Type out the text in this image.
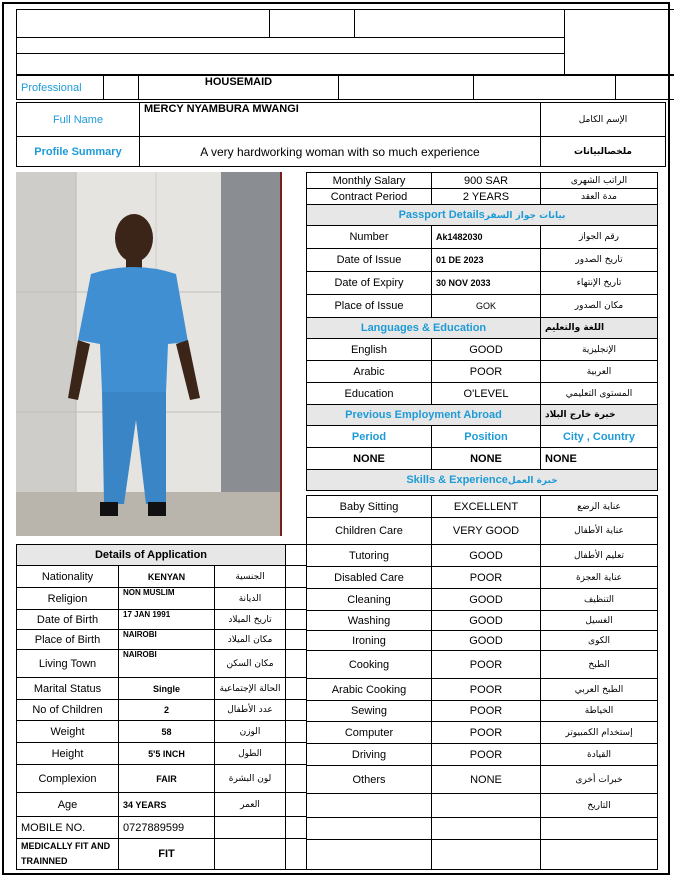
Professional		HOUSEMAID			
Full Name	MERCY NYAMBURA MWANGI	الإسم الكامل
Profile Summary	A very hardworking woman with so much experience	ملخصالبيانات
Monthly Salary	900 SAR	الراتب الشهرى
Contract Period	2 YEARS	مدة العقد
Passport Detailsبيانات جواز السفر		
Number	Ak1482030	رقم الجواز
Date of Issue	01 DE 2023	تاريخ الصدور
Date of Expiry	30 NOV 2033	تاريخ الإنتهاء
Place of Issue	GOK	مكان الصدور
Languages & Education		اللغة والتعليم
English	GOOD	الإنجليزية
Arabic	POOR	العربية
Education	O'LEVEL	المستوى التعليمي
Previous Employment Abroad		خبرة خارج البلاد
Period	Position	City , Country
NONE	NONE	NONE
Skills & Experienceخبرة العمل		
Details of Application			
Nationality	KENYAN	الجنسية	
Religion	NON MUSLIM	الديانة	
Date of Birth	17 JAN 1991	تاريخ الميلاد	
Place of Birth	NAIROBI	مكان الميلاد	
Living Town	NAIROBI	مكان السكن	
Marital Status	Single	الحالة الإجتماعية	
No of Children	2	عدد الأطفال	
Weight	58	الوزن	
Height	5'5 INCH	الطول	
Complexion	FAIR	لون البشرة	
Age	34 YEARS	العمر	
MOBILE NO.	0727889599		
MEDICALLY FIT AND TRAINNED	FIT		
Baby Sitting	EXCELLENT	عناية الرضع
Children Care	VERY GOOD	عناية الأطفال
Tutoring	GOOD	تعليم الأطفال
Disabled Care	POOR	عناية العجزة
Cleaning	GOOD	التنظيف
Washing	GOOD	الغسيل
Ironing	GOOD	الكوى
Cooking	POOR	الطبخ
Arabic Cooking	POOR	الطبخ العربي
Sewing	POOR	الخياطة
Computer	POOR	إستخدام الكمبيوتر
Driving	POOR	القيادة
Others	NONE	خبرات أخرى
		التاريخ
